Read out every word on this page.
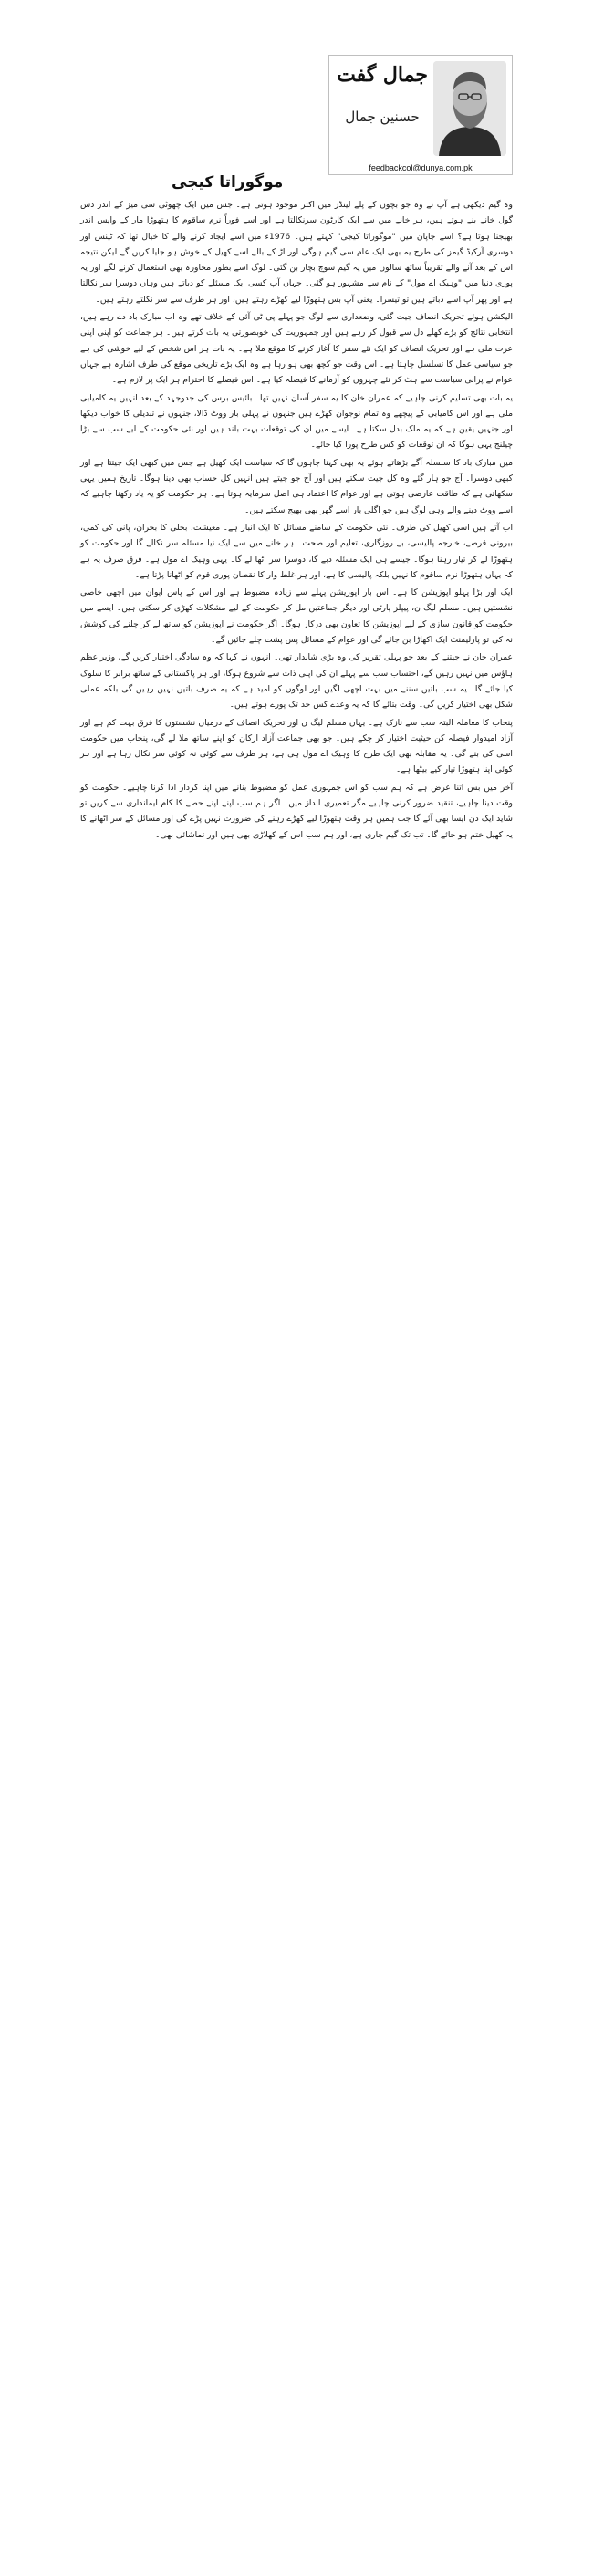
موگوراتا کیجی
جمال گفت
حسنین جمال
feedbackcol@dunya.com.pk

وہ گیم دیکھی ہے آپ نے وہ جو بچوں کے پلے لینڈز میں اکثر موجود ہوتی ہے۔ جس میں ایک چھوٹی سی میز کے اندر دس گول خانے بنے ہوتے ہیں، ہر خانے میں سے ایک کارٹون سرنکالتا ہے اور اسے فوراً نرم ساقوم کا ہتھوڑا مار کے واپس اندر بھیجنا ہوتا ہے؟ اسے جاپان میں "موگوراتا کیجی" کہتے ہیں۔ 1976ء میں اسے ایجاد کرنے والے کا خیال تھا کہ ٹینس اور دوسری آرکیڈ گیمز کی طرح یہ بھی ایک عام سی گیم ہوگی اور اڑ کے بالے اسے کھیل کے خوش ہو جایا کریں گے لیکن نتیجہ اس کے بعد آنے والے تقریباً ساتھ سالوں میں یہ گیم سوچ بچار بن گئی۔ لوگ اسے بطور محاورہ بھی استعمال کرنے لگے اور یہ پوری دنیا میں "وہیک اے مول" کے نام سے مشہور ہو گئی۔ جہاں آپ کسی ایک مسئلے کو دباتے ہیں وہاں دوسرا سر نکالتا ہے اور پھر آپ اسے دباتے ہیں تو تیسرا۔ یعنی آپ بس ہتھوڑا لیے کھڑے رہتے ہیں، اور ہر طرف سے سر نکلتے رہتے ہیں۔

الیکشن ہوئے تحریک انصاف جیت گئی، وضعداری سے لوگ جو پہلے پی ٹی آئی کے خلاف تھے وہ اب مبارک باد دے رہے ہیں، انتخابی نتائج کو بڑے کھلے دل سے قبول کر رہے ہیں اور جمہوریت کی خوبصورتی یہ بات کرتے ہیں۔ ہر جماعت کو اپنی اپنی عزت ملی ہے اور تحریک انصاف کو ایک نئے سفر کا آغاز کرنے کا موقع ملا ہے۔ یہ بات ہر اس شخص کے لیے خوشی کی ہے جو سیاسی عمل کا تسلسل چاہتا ہے۔ اس وقت جو کچھ بھی ہو رہا ہے وہ ایک بڑے تاریخی موقع کی طرف اشارہ ہے جہاں عوام نے پرانی سیاست سے ہٹ کر نئے چہروں کو آزمانے کا فیصلہ کیا ہے۔ اس فیصلے کا احترام ہر ایک پر لازم ہے۔

یہ بات بھی تسلیم کرنی چاہیے کہ عمران خان کا یہ سفر آسان نہیں تھا۔ بائیس برس کی جدوجہد کے بعد انہیں یہ کامیابی ملی ہے اور اس کامیابی کے پیچھے وہ تمام نوجوان کھڑے ہیں جنہوں نے پہلی بار ووٹ ڈالا، جنہوں نے تبدیلی کا خواب دیکھا اور جنہیں یقین ہے کہ یہ ملک بدل سکتا ہے۔ ایسے میں ان کی توقعات بہت بلند ہیں اور نئی حکومت کے لیے سب سے بڑا چیلنج یہی ہوگا کہ ان توقعات کو کس طرح پورا کیا جائے۔

میں مبارک باد کا سلسلہ آگے بڑھاتے ہوئے یہ بھی کہنا چاہوں گا کہ سیاست ایک کھیل ہے جس میں کبھی ایک جیتتا ہے اور کبھی دوسرا۔ آج جو ہار گئے وہ کل جیت سکتے ہیں اور آج جو جیتے ہیں انہیں کل حساب بھی دینا ہوگا۔ تاریخ ہمیں یہی سکھاتی ہے کہ طاقت عارضی ہوتی ہے اور عوام کا اعتماد ہی اصل سرمایہ ہوتا ہے۔ ہر حکومت کو یہ یاد رکھنا چاہیے کہ اسے ووٹ دینے والے وہی لوگ ہیں جو اگلی بار اسے گھر بھی بھیج سکتے ہیں۔

اب آتے ہیں اسی کھیل کی طرف۔ نئی حکومت کے سامنے مسائل کا ایک انبار ہے۔ معیشت، بجلی کا بحران، پانی کی کمی، بیرونی قرضے، خارجہ پالیسی، بے روزگاری، تعلیم اور صحت۔ ہر خانے میں سے ایک نیا مسئلہ سر نکالے گا اور حکومت کو ہتھوڑا لے کر تیار رہنا ہوگا۔ جیسے ہی ایک مسئلہ دبے گا، دوسرا سر اٹھا لے گا۔ یہی وہیک اے مول ہے۔ فرق صرف یہ ہے کہ یہاں ہتھوڑا نرم ساقوم کا نہیں بلکہ پالیسی کا ہے، اور ہر غلط وار کا نقصان پوری قوم کو اٹھانا پڑتا ہے۔

ایک اور بڑا پہلو اپوزیشن کا ہے۔ اس بار اپوزیشن پہلے سے زیادہ مضبوط ہے اور اس کے پاس ایوان میں اچھی خاصی نشستیں ہیں۔ مسلم لیگ ن، پیپلز پارٹی اور دیگر جماعتیں مل کر حکومت کے لیے مشکلات کھڑی کر سکتی ہیں۔ ایسے میں حکومت کو قانون سازی کے لیے اپوزیشن کا تعاون بھی درکار ہوگا۔ اگر حکومت نے اپوزیشن کو ساتھ لے کر چلنے کی کوشش نہ کی تو پارلیمنٹ ایک اکھاڑا بن جائے گی اور عوام کے مسائل پس پشت چلے جائیں گے۔

عمران خان نے جیتنے کے بعد جو پہلی تقریر کی وہ بڑی شاندار تھی۔ انہوں نے کہا کہ وہ سادگی اختیار کریں گے، وزیراعظم ہاؤس میں نہیں رہیں گے، احتساب سب سے پہلے ان کی اپنی ذات سے شروع ہوگا، اور ہر پاکستانی کے ساتھ برابر کا سلوک کیا جائے گا۔ یہ سب باتیں سننے میں بہت اچھی لگیں اور لوگوں کو امید ہے کہ یہ صرف باتیں نہیں رہیں گی بلکہ عملی شکل بھی اختیار کریں گی۔ وقت بتائے گا کہ یہ وعدے کس حد تک پورے ہوتے ہیں۔

پنجاب کا معاملہ البتہ سب سے نازک ہے۔ یہاں مسلم لیگ ن اور تحریک انصاف کے درمیان نشستوں کا فرق بہت کم ہے اور آزاد امیدوار فیصلہ کن حیثیت اختیار کر چکے ہیں۔ جو بھی جماعت آزاد ارکان کو اپنے ساتھ ملا لے گی، پنجاب میں حکومت اسی کی بنے گی۔ یہ مقابلہ بھی ایک طرح کا وہیک اے مول ہی ہے، ہر طرف سے کوئی نہ کوئی سر نکال رہا ہے اور ہر کوئی اپنا ہتھوڑا تیار کیے بیٹھا ہے۔

آخر میں بس اتنا عرض ہے کہ ہم سب کو اس جمہوری عمل کو مضبوط بنانے میں اپنا کردار ادا کرنا چاہیے۔ حکومت کو وقت دینا چاہیے، تنقید ضرور کرنی چاہیے مگر تعمیری انداز میں۔ اگر ہم سب اپنے اپنے حصے کا کام ایمانداری سے کریں تو شاید ایک دن ایسا بھی آئے گا جب ہمیں ہر وقت ہتھوڑا لیے کھڑے رہنے کی ضرورت نہیں پڑے گی اور مسائل کے سر اٹھانے کا یہ کھیل ختم ہو جائے گا۔ تب تک گیم جاری ہے، اور ہم سب اس کے کھلاڑی بھی ہیں اور تماشائی بھی۔
